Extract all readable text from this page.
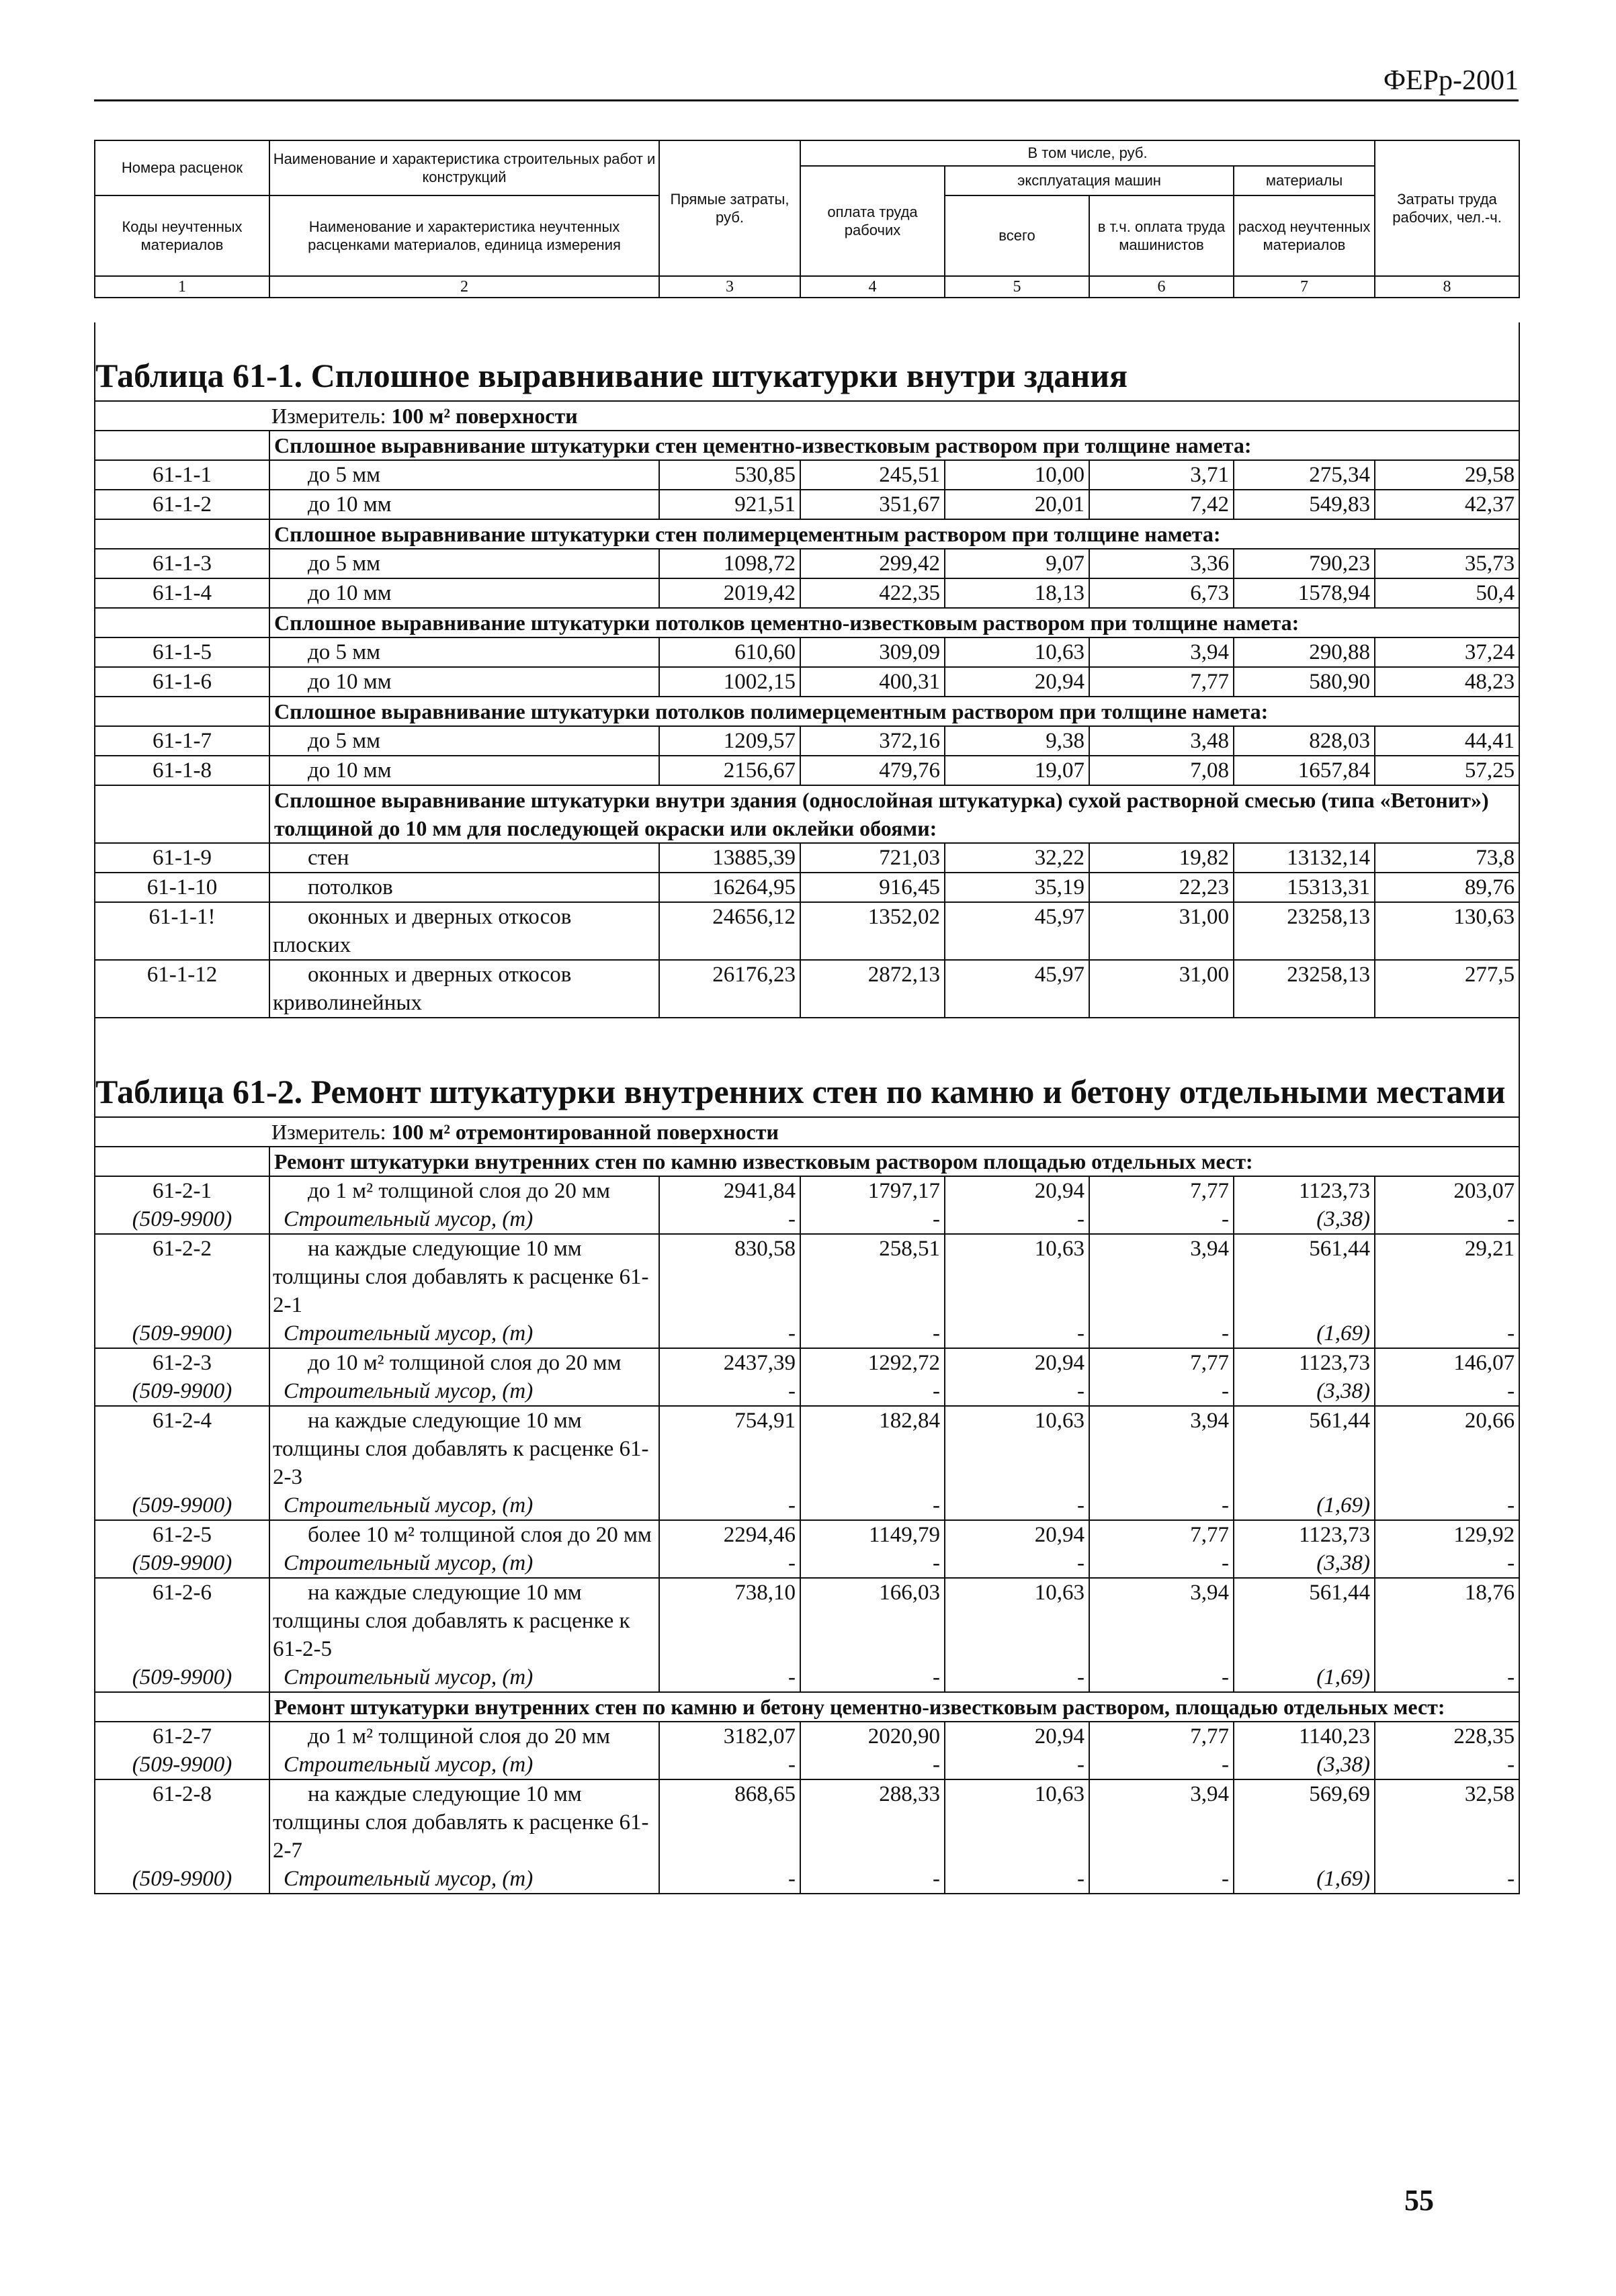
ФЕРр-2001
Номера расценок	Наименование и характеристика строительных работ и конструкций	Прямые затраты, руб.	В том числе, руб.				Затраты труда рабочих, чел.-ч.
			оплата труда рабочих	эксплуатация машин		материалы	
Коды неучтенных материалов	Наименование и характеристика неучтенных расценками материалов, единица измерения			всего	в т.ч. оплата труда машинистов	расход неучтенных материалов	

1	2	3	4	5	6	7	8
Таблица 61-1. Сплошное выравнивание штукатурки внутри здания							
Измеритель: 100 м² поверхности							
	Сплошное выравнивание штукатурки стен цементно-известковым раствором при толщине намета:						
61-1-1	до 5 мм	530,85	245,51	10,00	3,71	275,34	29,58
61-1-2	до 10 мм	921,51	351,67	20,01	7,42	549,83	42,37
	Сплошное выравнивание штукатурки стен полимерцементным раствором при толщине намета:						
61-1-3	до 5 мм	1098,72	299,42	9,07	3,36	790,23	35,73
61-1-4	до 10 мм	2019,42	422,35	18,13	6,73	1578,94	50,4
	Сплошное выравнивание штукатурки потолков цементно-известковым раствором при толщине намета:						
61-1-5	до 5 мм	610,60	309,09	10,63	3,94	290,88	37,24
61-1-6	до 10 мм	1002,15	400,31	20,94	7,77	580,90	48,23
	Сплошное выравнивание штукатурки потолков полимерцементным раствором при толщине намета:						
61-1-7	до 5 мм	1209,57	372,16	9,38	3,48	828,03	44,41
61-1-8	до 10 мм	2156,67	479,76	19,07	7,08	1657,84	57,25
	Сплошное выравнивание штукатурки внутри здания (однослойная штукатурка) сухой растворной смесью (типа «Ветонит») толщиной до 10 мм для последующей окраски или оклейки обоями:						
61-1-9	стен	13885,39	721,03	32,22	19,82	13132,14	73,8
61-1-10	потолков	16264,95	916,45	35,19	22,23	15313,31	89,76
61-1-1!	оконных и дверных откосов плоских	24656,12	1352,02	45,97	31,00	23258,13	130,63
61-1-12	оконных и дверных откосов криволинейных	26176,23	2872,13	45,97	31,00	23258,13	277,5

Таблица 61-2. Ремонт штукатурки внутренних стен по камню и бетону отдельными местами							
Измеритель: 100 м² отремонтированной поверхности							
	Ремонт штукатурки внутренних стен по камню известковым раствором площадью отдельных мест:						
61-2-1	до 1 м² толщиной слоя до 20 мм	2941,84	1797,17	20,94	7,77	1123,73	203,07
(509-9900)	Строительный мусор, (т)	-	-	-	-	(3,38)	-
61-2-2	на каждые следующие 10 мм толщины слоя добавлять к расценке 61-2-1	830,58	258,51	10,63	3,94	561,44	29,21
(509-9900)	Строительный мусор, (т)	-	-	-	-	(1,69)	-
61-2-3	до 10 м² толщиной слоя до 20 мм	2437,39	1292,72	20,94	7,77	1123,73	146,07
(509-9900)	Строительный мусор, (т)	-	-	-	-	(3,38)	-
61-2-4	на каждые следующие 10 мм толщины слоя добавлять к расценке 61-2-3	754,91	182,84	10,63	3,94	561,44	20,66
(509-9900)	Строительный мусор, (т)	-	-	-	-	(1,69)	-
61-2-5	более 10 м² толщиной слоя до 20 мм	2294,46	1149,79	20,94	7,77	1123,73	129,92
(509-9900)	Строительный мусор, (т)	-	-	-	-	(3,38)	-
61-2-6	на каждые следующие 10 мм толщины слоя добавлять к расценке к 61-2-5	738,10	166,03	10,63	3,94	561,44	18,76
(509-9900)	Строительный мусор, (т)	-	-	-	-	(1,69)	-
	Ремонт штукатурки внутренних стен по камню и бетону цементно-известковым раствором, площадью отдельных мест:						
61-2-7	до 1 м² толщиной слоя до 20 мм	3182,07	2020,90	20,94	7,77	1140,23	228,35
(509-9900)	Строительный мусор, (т)	-	-	-	-	(3,38)	-
61-2-8	на каждые следующие 10 мм толщины слоя добавлять к расценке 61-2-7	868,65	288,33	10,63	3,94	569,69	32,58
(509-9900)	Строительный мусор, (т)	-	-	-	-	(1,69)	-

55
